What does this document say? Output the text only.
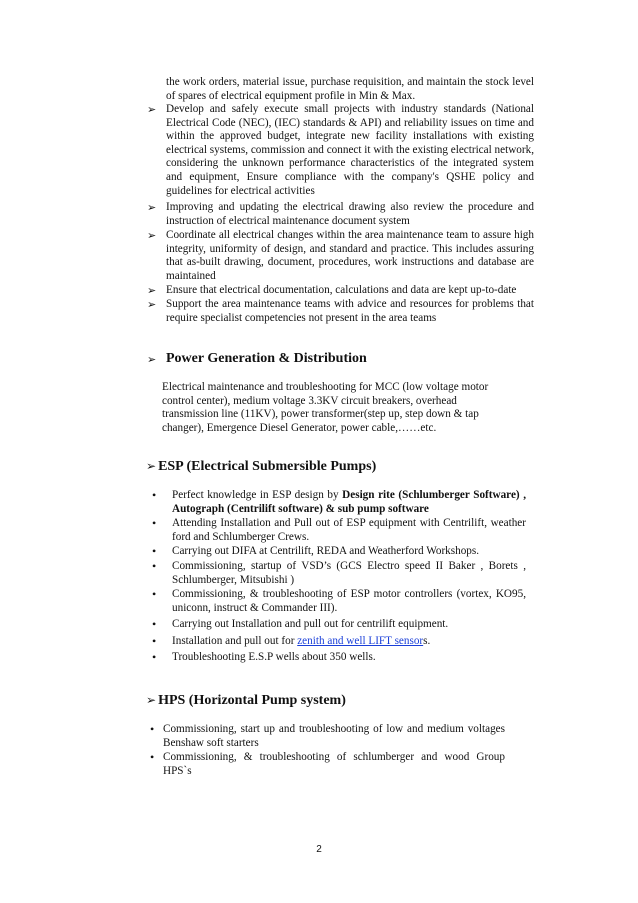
the work orders, material issue, purchase requisition, and maintain the stock level of spares of electrical equipment profile in Min & Max.
➢ Develop and safely execute small projects with industry standards (National Electrical Code (NEC), (IEC) standards & API) and reliability issues on time and within the approved budget, integrate new facility installations with existing electrical systems, commission and connect it with the existing electrical network, considering the unknown performance characteristics of the integrated system and equipment, Ensure compliance with the company's QSHE policy and guidelines for electrical activities
➢ Improving and updating the electrical drawing also review the procedure and instruction of electrical maintenance document system
➢ Coordinate all electrical changes within the area maintenance team to assure high integrity, uniformity of design, and standard and practice. This includes assuring that as-built drawing, document, procedures, work instructions and database are maintained
➢ Ensure that electrical documentation, calculations and data are kept up-to-date
➢ Support the area maintenance teams with advice and resources for problems that require specialist competencies not present in the area teams
➢ Power Generation & Distribution
Electrical maintenance and troubleshooting for MCC (low voltage motor control center), medium voltage 3.3KV circuit breakers, overhead transmission line (11KV), power transformer(step up, step down & tap changer), Emergence Diesel Generator, power cable,……etc.
➢ ESP (Electrical Submersible Pumps)
• Perfect knowledge in ESP design by Design rite (Schlumberger Software) , Autograph (Centrilift software) & sub pump software
• Attending Installation and Pull out of ESP equipment with Centrilift, weather ford and Schlumberger Crews.
• Carrying out DIFA at Centrilift, REDA and Weatherford Workshops.
• Commissioning, startup of VSD’s (GCS Electro speed II Baker , Borets , Schlumberger, Mitsubishi )
• Commissioning, & troubleshooting of ESP motor controllers (vortex, KO95, uniconn, instruct & Commander III).
• Carrying out Installation and pull out for centrilift equipment.
• Installation and pull out for zenith and well LIFT sensors.
• Troubleshooting E.S.P wells about 350 wells.
➢ HPS (Horizontal Pump system)
• Commissioning, start up and troubleshooting of low and medium voltages Benshaw soft starters
• Commissioning, & troubleshooting of schlumberger and wood Group HPS`s
2
